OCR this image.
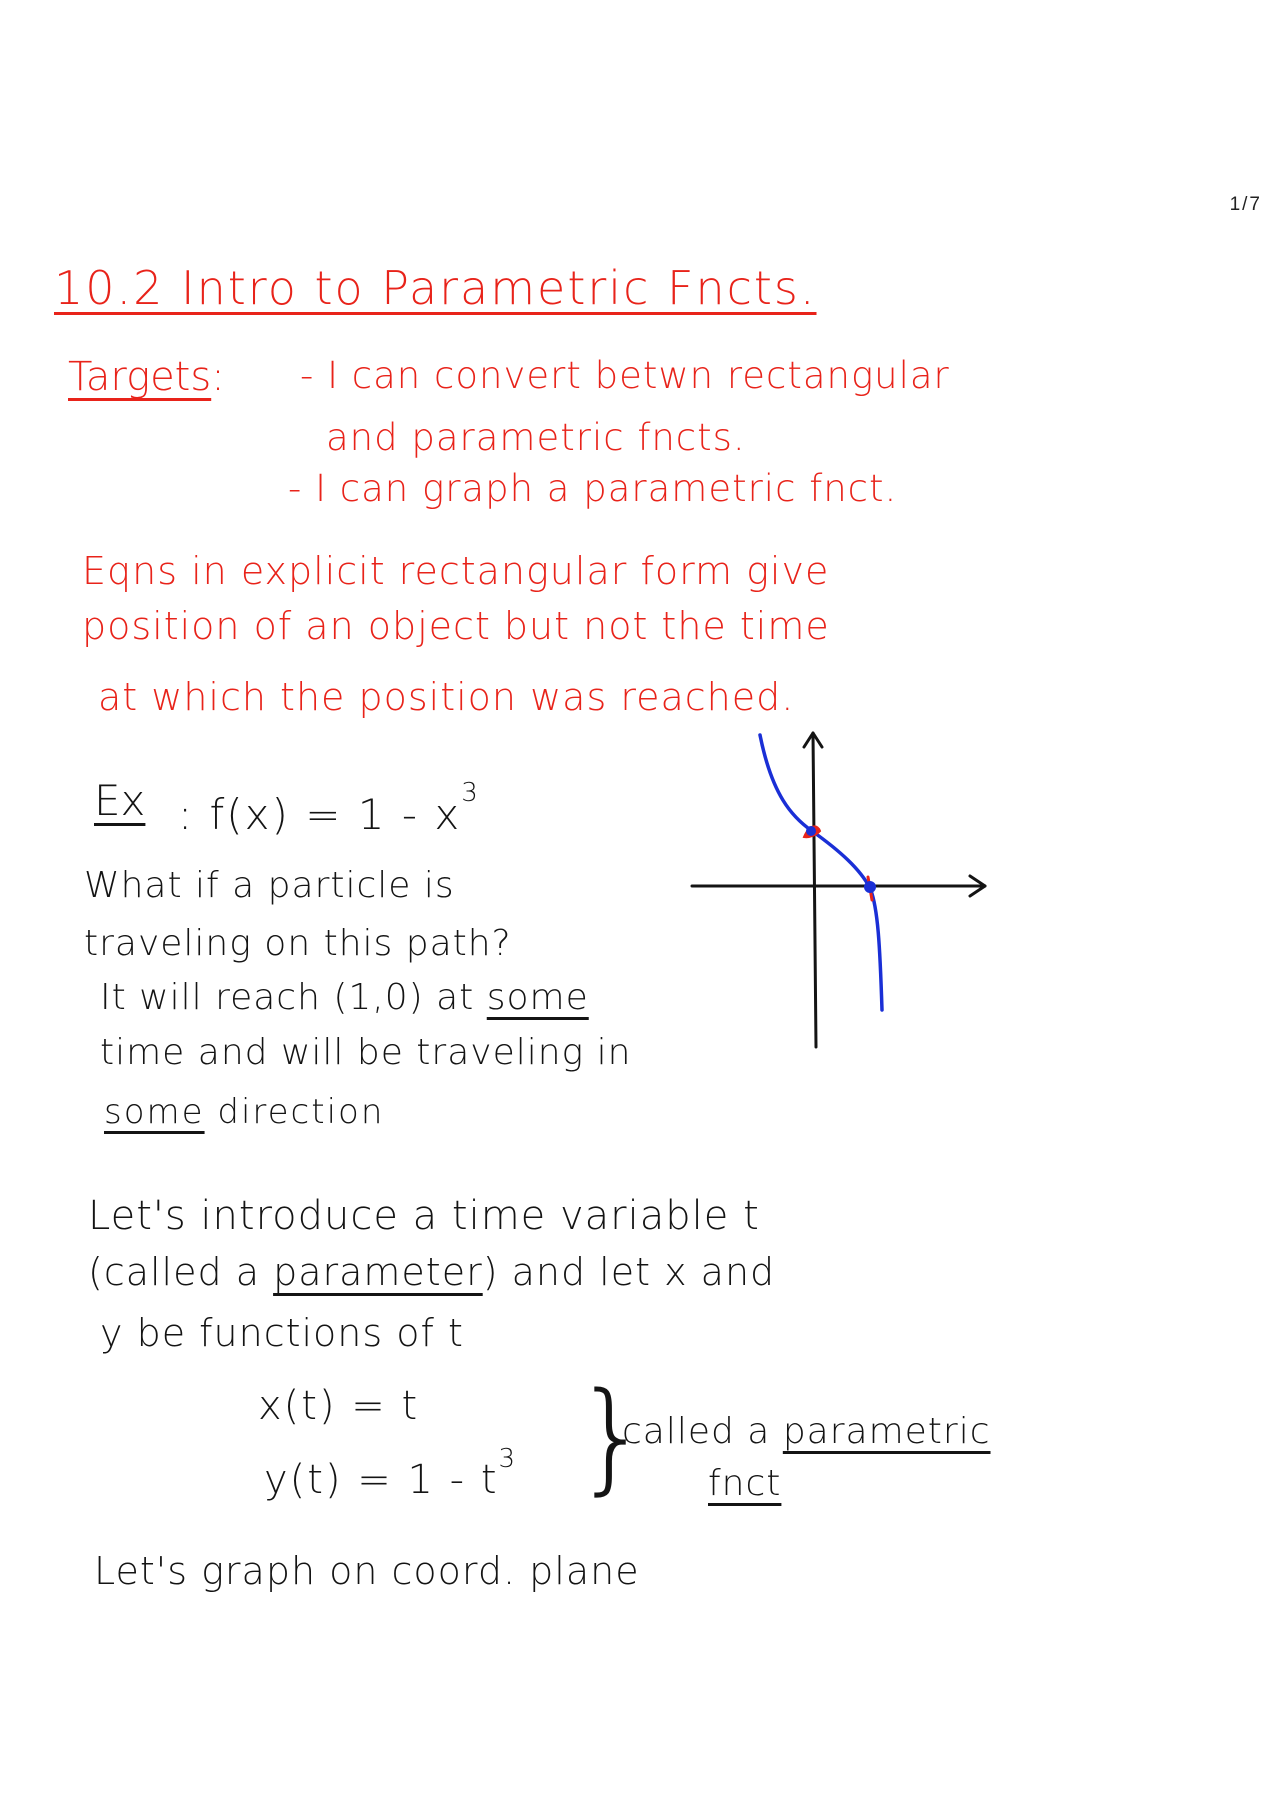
1/7
10.2 Intro to Parametric Fncts.
Targets: - I can convert betwn rectangular
and parametric fncts.
- I can graph a parametric fnct.
Eqns in explicit rectangular form give
position of an object but not the time
at which the position was reached.
Ex : $f(x) = 1 - x^3$
What if a particle is
traveling on this path?
It will reach (1,0) at some
time and will be traveling in
some direction
Let's introduce a time variable t
(called a parameter) and let x and
y be functions of t
x(t) = t
$y(t) = 1 - t^3$ }
called a parametric
fnct
Let's graph on coord. plane
